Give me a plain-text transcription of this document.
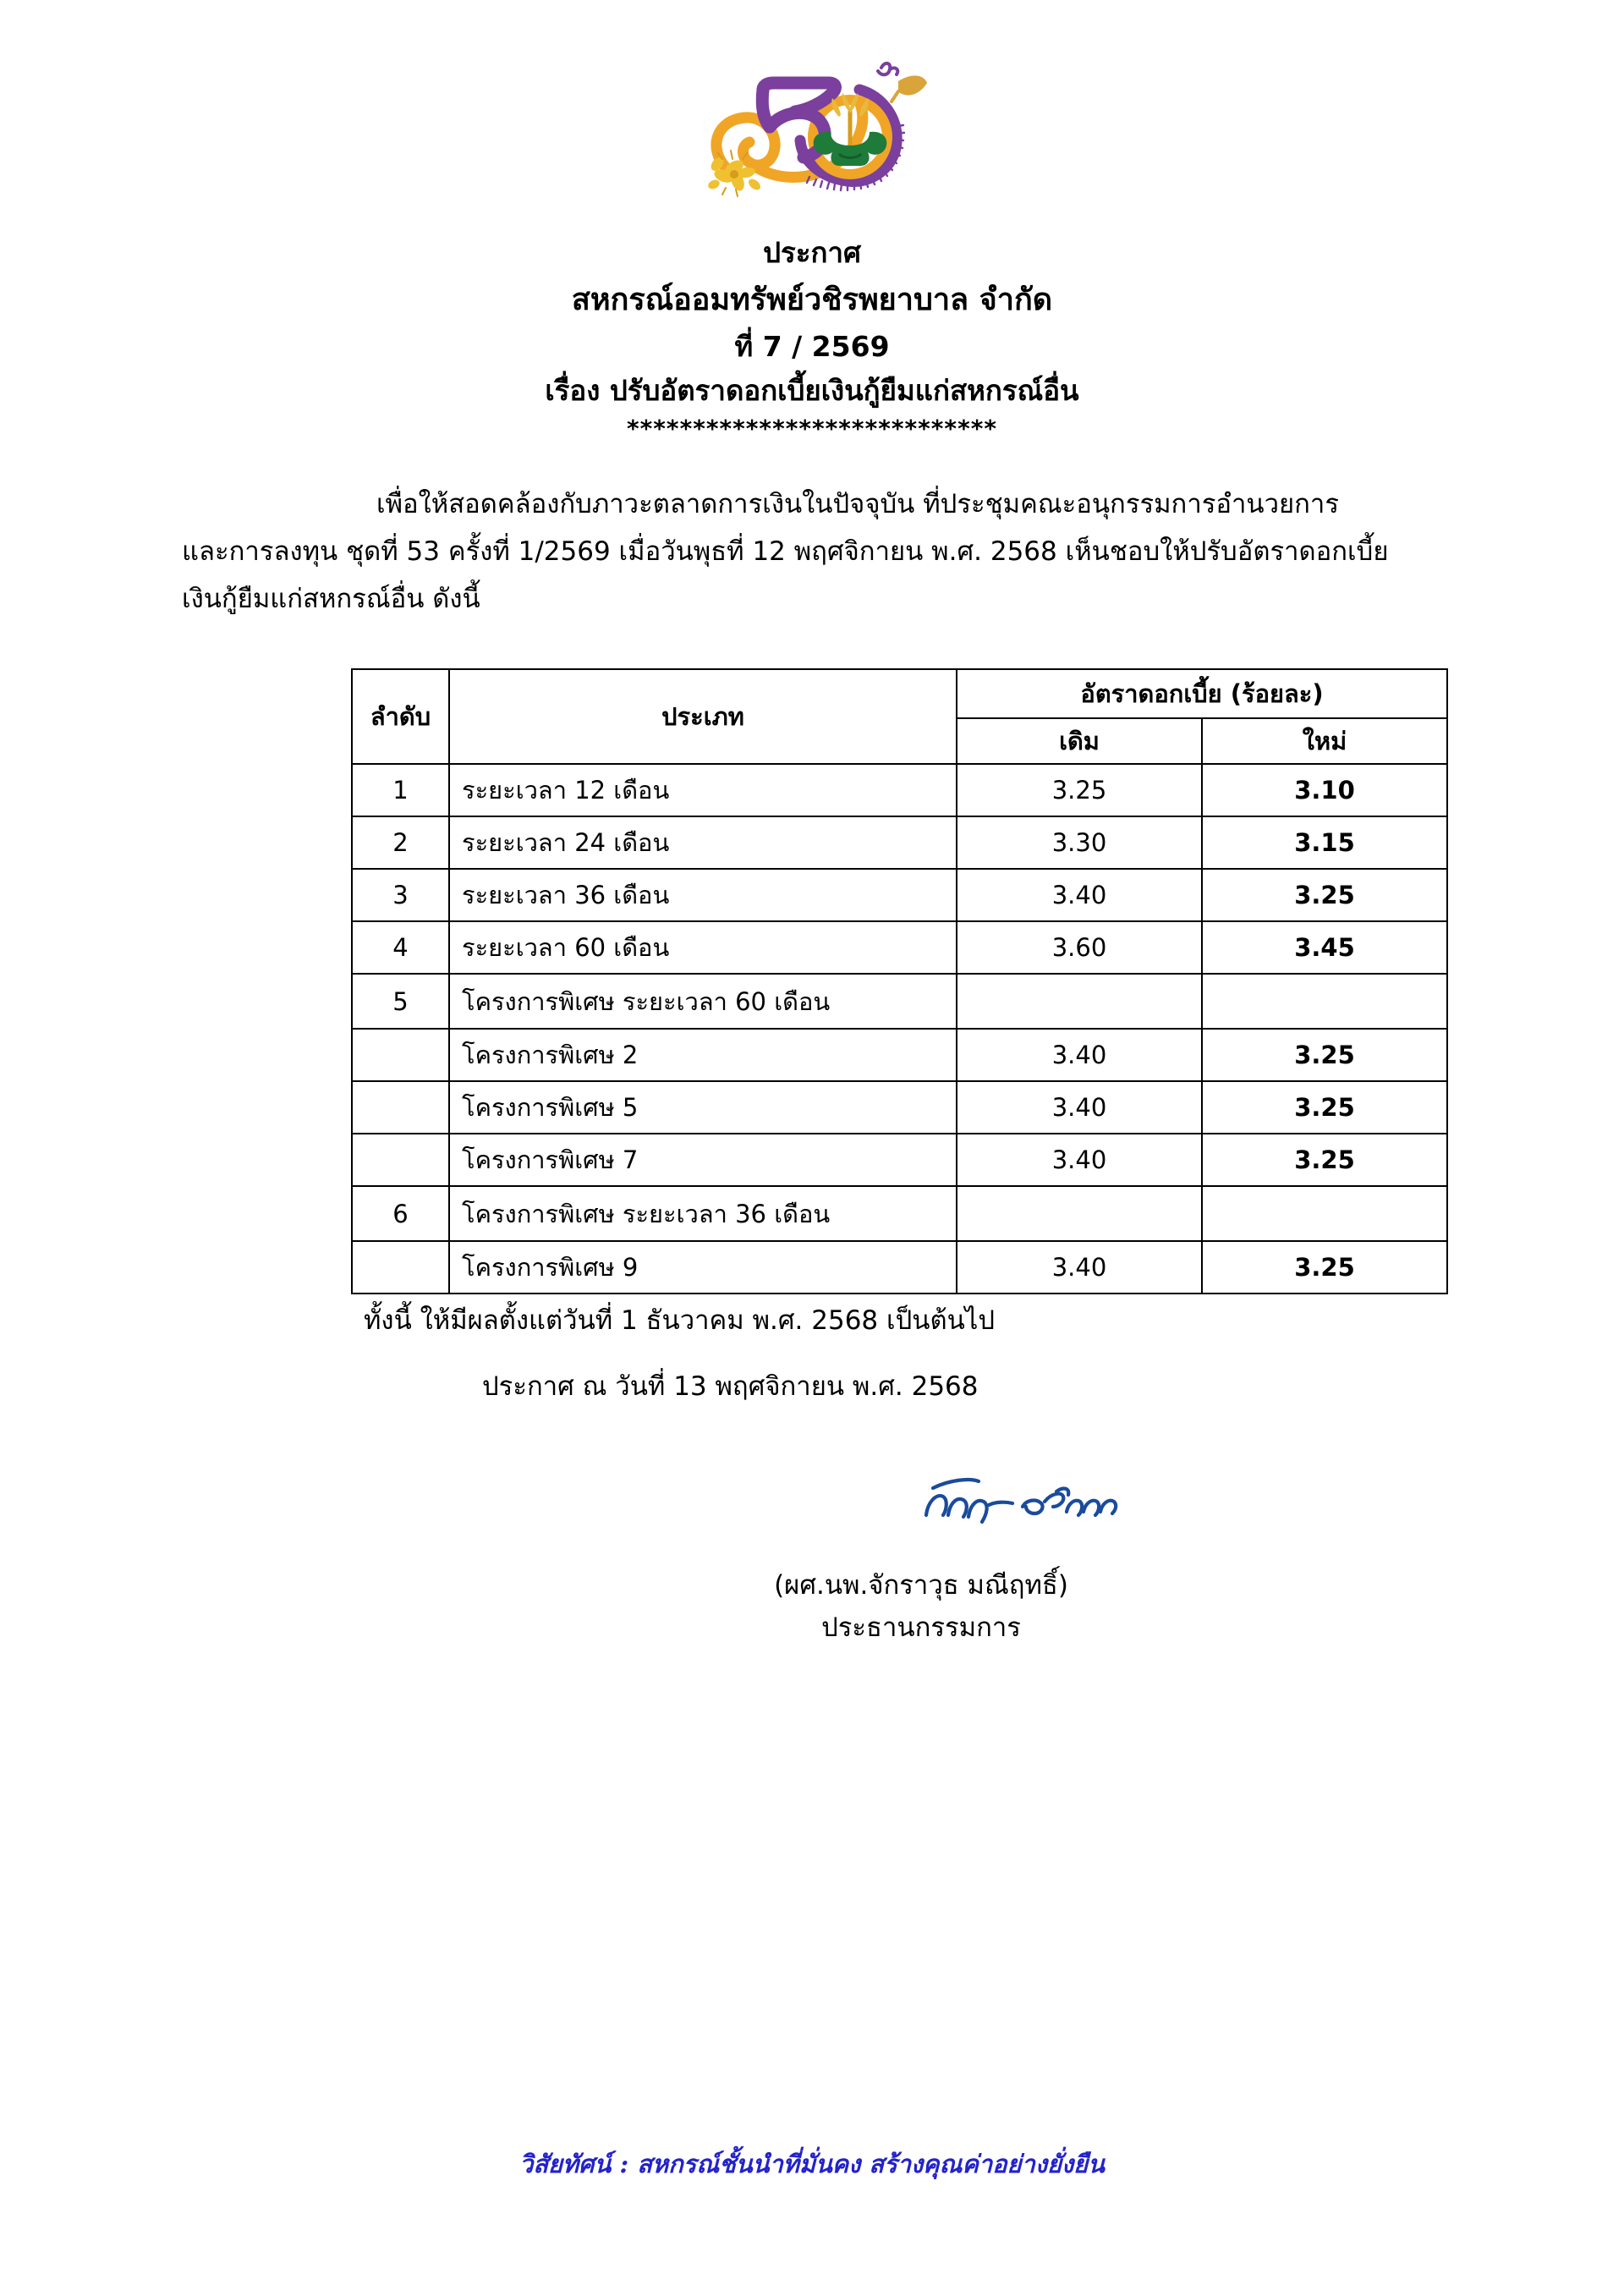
ประกาศ
สหกรณ์ออมทรัพย์วชิรพยาบาล จำกัด
ที่ 7 / 2569
เรื่อง ปรับอัตราดอกเบี้ยเงินกู้ยืมแก่สหกรณ์อื่น
****************************
เพื่อให้สอดคล้องกับภาวะตลาดการเงินในปัจจุบัน ที่ประชุมคณะอนุกรรมการอำนวยการ
และการลงทุน ชุดที่ 53 ครั้งที่ 1/2569 เมื่อวันพุธที่ 12 พฤศจิกายน พ.ศ. 2568 เห็นชอบให้ปรับอัตราดอกเบี้ย
เงินกู้ยืมแก่สหกรณ์อื่น ดังนี้
ลำดับ	ประเภท	อัตราดอกเบี้ย (ร้อยละ)	
		เดิม	ใหม่
1	ระยะเวลา 12 เดือน	3.25	3.10
2	ระยะเวลา 24 เดือน	3.30	3.15
3	ระยะเวลา 36 เดือน	3.40	3.25
4	ระยะเวลา 60 เดือน	3.60	3.45
5	โครงการพิเศษ ระยะเวลา 60 เดือน		
	โครงการพิเศษ 2	3.40	3.25
	โครงการพิเศษ 5	3.40	3.25
	โครงการพิเศษ 7	3.40	3.25
6	โครงการพิเศษ ระยะเวลา 36 เดือน		
	โครงการพิเศษ 9	3.40	3.25
ทั้งนี้ ให้มีผลตั้งแต่วันที่ 1 ธันวาคม พ.ศ. 2568 เป็นต้นไป
ประกาศ ณ วันที่ 13 พฤศจิกายน พ.ศ. 2568
(ผศ.นพ.จักราวุธ มณีฤทธิ์)
ประธานกรรมการ
วิสัยทัศน์ : สหกรณ์ชั้นนำที่มั่นคง สร้างคุณค่าอย่างยั่งยืน
